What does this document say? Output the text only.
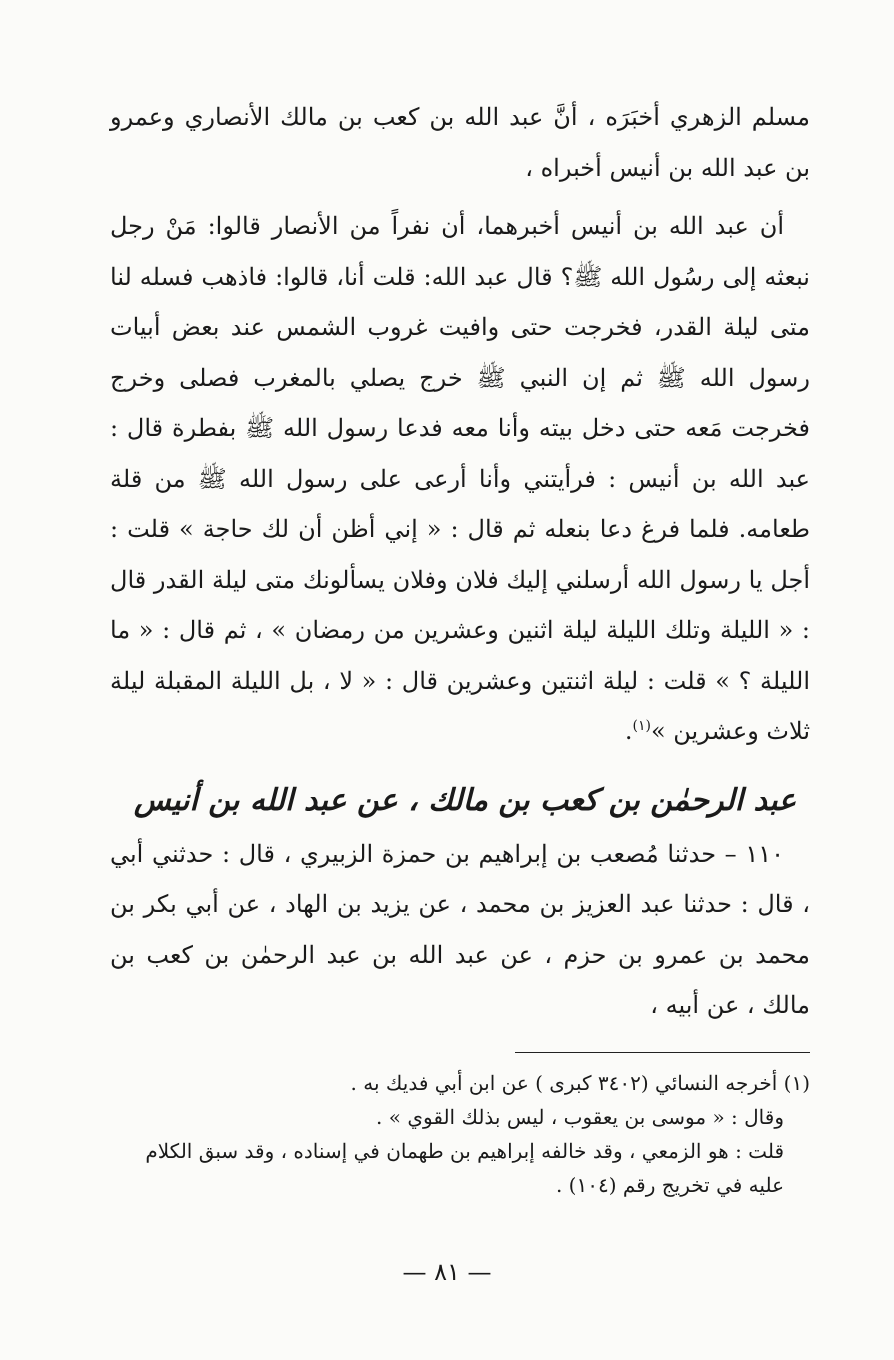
مسلم الزهري أخبَرَه ، أنَّ عبد الله بن كعب بن مالك الأنصاري وعمرو بن عبد الله بن أنيس أخبراه ،

أن عبد الله بن أنيس أخبرهما، أن نفراً من الأنصار قالوا: مَنْ رجل نبعثه إلى رسُول الله ﷺ؟ قال عبد الله: قلت أنا، قالوا: فاذهب فسله لنا متى ليلة القدر، فخرجت حتى وافيت غروب الشمس عند بعض أبيات رسول الله ﷺ ثم إن النبي ﷺ خرج يصلي بالمغرب فصلى وخرج فخرجت مَعه حتى دخل بيته وأنا معه فدعا رسول الله ﷺ بفطرة قال : عبد الله بن أنيس : فرأيتني وأنا أرعى على رسول الله ﷺ من قلة طعامه. فلما فرغ دعا بنعله ثم قال : « إني أظن أن لك حاجة » قلت : أجل يا رسول الله أرسلني إليك فلان وفلان يسألونك متى ليلة القدر قال : « الليلة وتلك الليلة ليلة اثنين وعشرين من رمضان » ، ثم قال : « ما الليلة ؟ » قلت : ليلة اثنتين وعشرين قال : « لا ، بل الليلة المقبلة ليلة ثلاث وعشرين »$^{(١)}$.

عبد الرحمٰن بن كعب بن مالك ، عن عبد الله بن أنيس

١١٠ – حدثنا مُصعب بن إبراهيم بن حمزة الزبيري ، قال : حدثني أبي ، قال : حدثنا عبد العزيز بن محمد ، عن يزيد بن الهاد ، عن أبي بكر بن محمد بن عمرو بن حزم ، عن عبد الله بن عبد الرحمٰن بن كعب بن مالك ، عن أبيه ،

(١) أخرجه النسائي (٣٤٠٢ كبرى ) عن ابن أبي فديك به .

وقال : « موسى بن يعقوب ، ليس بذلك القوي » .

قلت : هو الزمعي ، وقد خالفه إبراهيم بن طهمان في إسناده ، وقد سبق الكلام عليه في تخريج رقم (١٠٤) .

— ٨١ —
